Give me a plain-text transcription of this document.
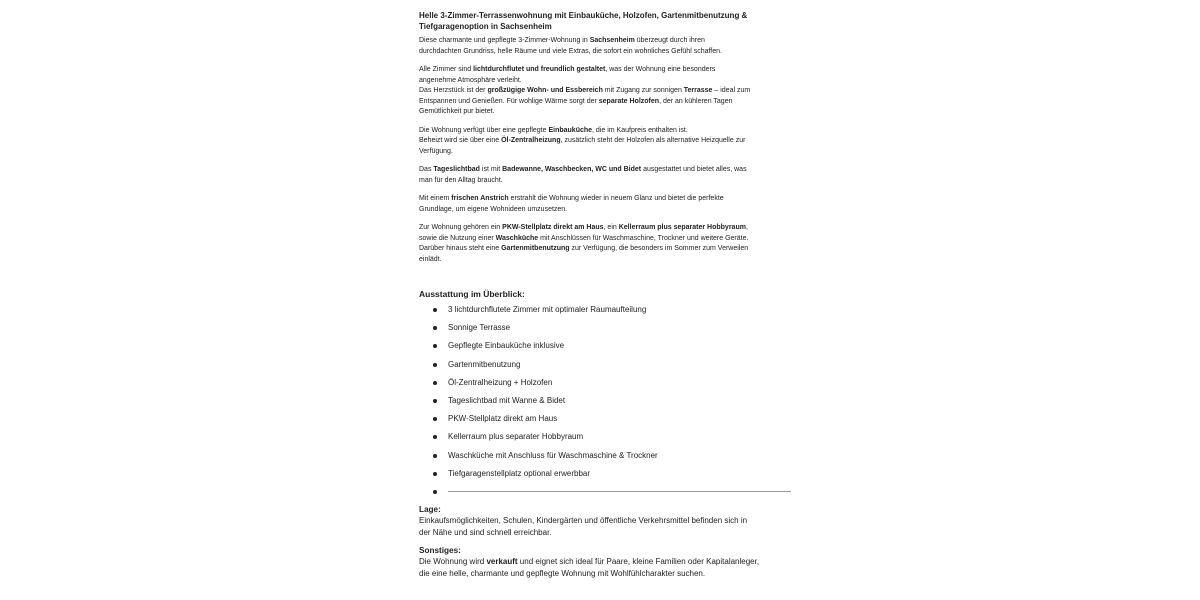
Helle 3-Zimmer-Terrassenwohnung mit Einbauküche, Holzofen, Gartenmitbenutzung & Tiefgaragenoption in Sachsenheim
Diese charmante und gepflegte 3-Zimmer-Wohnung in Sachsenheim überzeugt durch ihren
durchdachten Grundriss, helle Räume und viele Extras, die sofort ein wohnliches Gefühl schaffen.
Alle Zimmer sind lichtdurchflutet und freundlich gestaltet, was der Wohnung eine besonders
angenehme Atmosphäre verleiht.
Das Herzstück ist der großzügige Wohn- und Essbereich mit Zugang zur sonnigen Terrasse – ideal zum
Entspannen und Genießen. Für wohlige Wärme sorgt der separate Holzofen, der an kühleren Tagen
Gemütlichkeit pur bietet.
Die Wohnung verfügt über eine gepflegte Einbauküche, die im Kaufpreis enthalten ist.
Beheizt wird sie über eine Öl-Zentralheizung, zusätzlich steht der Holzofen als alternative Heizquelle zur
Verfügung.
Das Tageslichtbad ist mit Badewanne, Waschbecken, WC und Bidet ausgestattet und bietet alles, was
man für den Alltag braucht.
Mit einem frischen Anstrich erstrahlt die Wohnung wieder in neuem Glanz und bietet die perfekte
Grundlage, um eigene Wohnideen umzusetzen.
Zur Wohnung gehören ein PKW-Stellplatz direkt am Haus, ein Kellerraum plus separater Hobbyraum,
sowie die Nutzung einer Waschküche mit Anschlüssen für Waschmaschine, Trockner und weitere Geräte.
Darüber hinaus steht eine Gartenmitbenutzung zur Verfügung, die besonders im Sommer zum Verweilen
einlädt.
Ausstattung im Überblick:
3 lichtdurchflutete Zimmer mit optimaler Raumaufteilung
Sonnige Terrasse
Gepflegte Einbauküche inklusive
Gartenmitbenutzung
Öl-Zentralheizung + Holzofen
Tageslichtbad mit Wanne & Bidet
PKW-Stellplatz direkt am Haus
Kellerraum plus separater Hobbyraum
Waschküche mit Anschluss für Waschmaschine & Trockner
Tiefgaragenstellplatz optional erwerbbar
Lage:
Einkaufsmöglichkeiten, Schulen, Kindergärten und öffentliche Verkehrsmittel befinden sich in
der Nähe und sind schnell erreichbar.
Sonstiges:
Die Wohnung wird verkauft und eignet sich ideal für Paare, kleine Familien oder Kapitalanleger,
die eine helle, charmante und gepflegte Wohnung mit Wohlfühlcharakter suchen.
